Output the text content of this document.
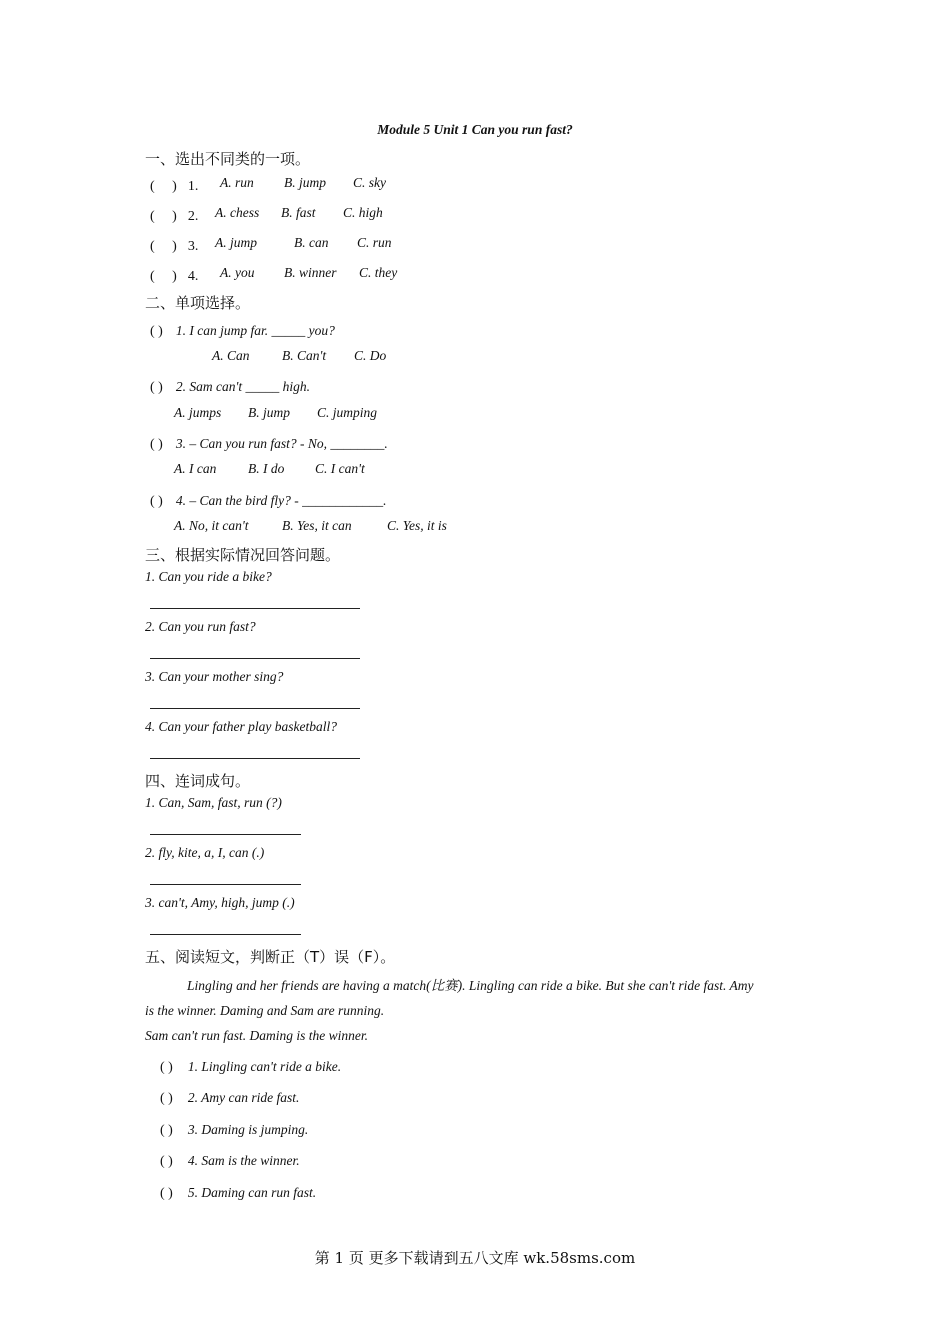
Module 5 Unit 1 Can you run fast?
一、选出不同类的一项。
(　 ) 1. A. run B. jump C. sky
(　 ) 2. A. chess B. fast C. high
(　 ) 3. A. jump	B. can C. run
(　 ) 4. A. you B. winner C. they
二、单项选择。
( ) 1. I can jump far. _____ you?
A. Can B. Can't C. Do
( ) 2. Sam can't _____ high.
A. jumps B. jump C. jumping
( ) 3. – Can you run fast? - No, ________.
A. I can B. I do C. I can't
( ) 4. – Can the bird fly? - ____________.
A. No, it can't B. Yes, it can	C. Yes, it is
三、根据实际情况回答问题。
1. Can you ride a bike?
2. Can you run fast?
3. Can your mother sing?
4. Can your father play basketball?
四、连词成句。
1. Can, Sam, fast, run (?)
2. fly, kite, a, I, can (.)
3. can't, Amy, high, jump (.)
五、阅读短文，判断正（T）误（F）。
Lingling and her friends are having a match(比赛). Lingling can ride a bike. But she can't ride fast. Amy
is the winner. Daming and Sam are running.
Sam can't run fast. Daming is the winner.
( ) 1. Lingling can't ride a bike.
( ) 2. Amy can ride fast.
( ) 3. Daming is jumping.
( ) 4. Sam is the winner.
( ) 5. Daming can run fast.
第 1 页 更多下载请到五八文库 wk.58sms.com
